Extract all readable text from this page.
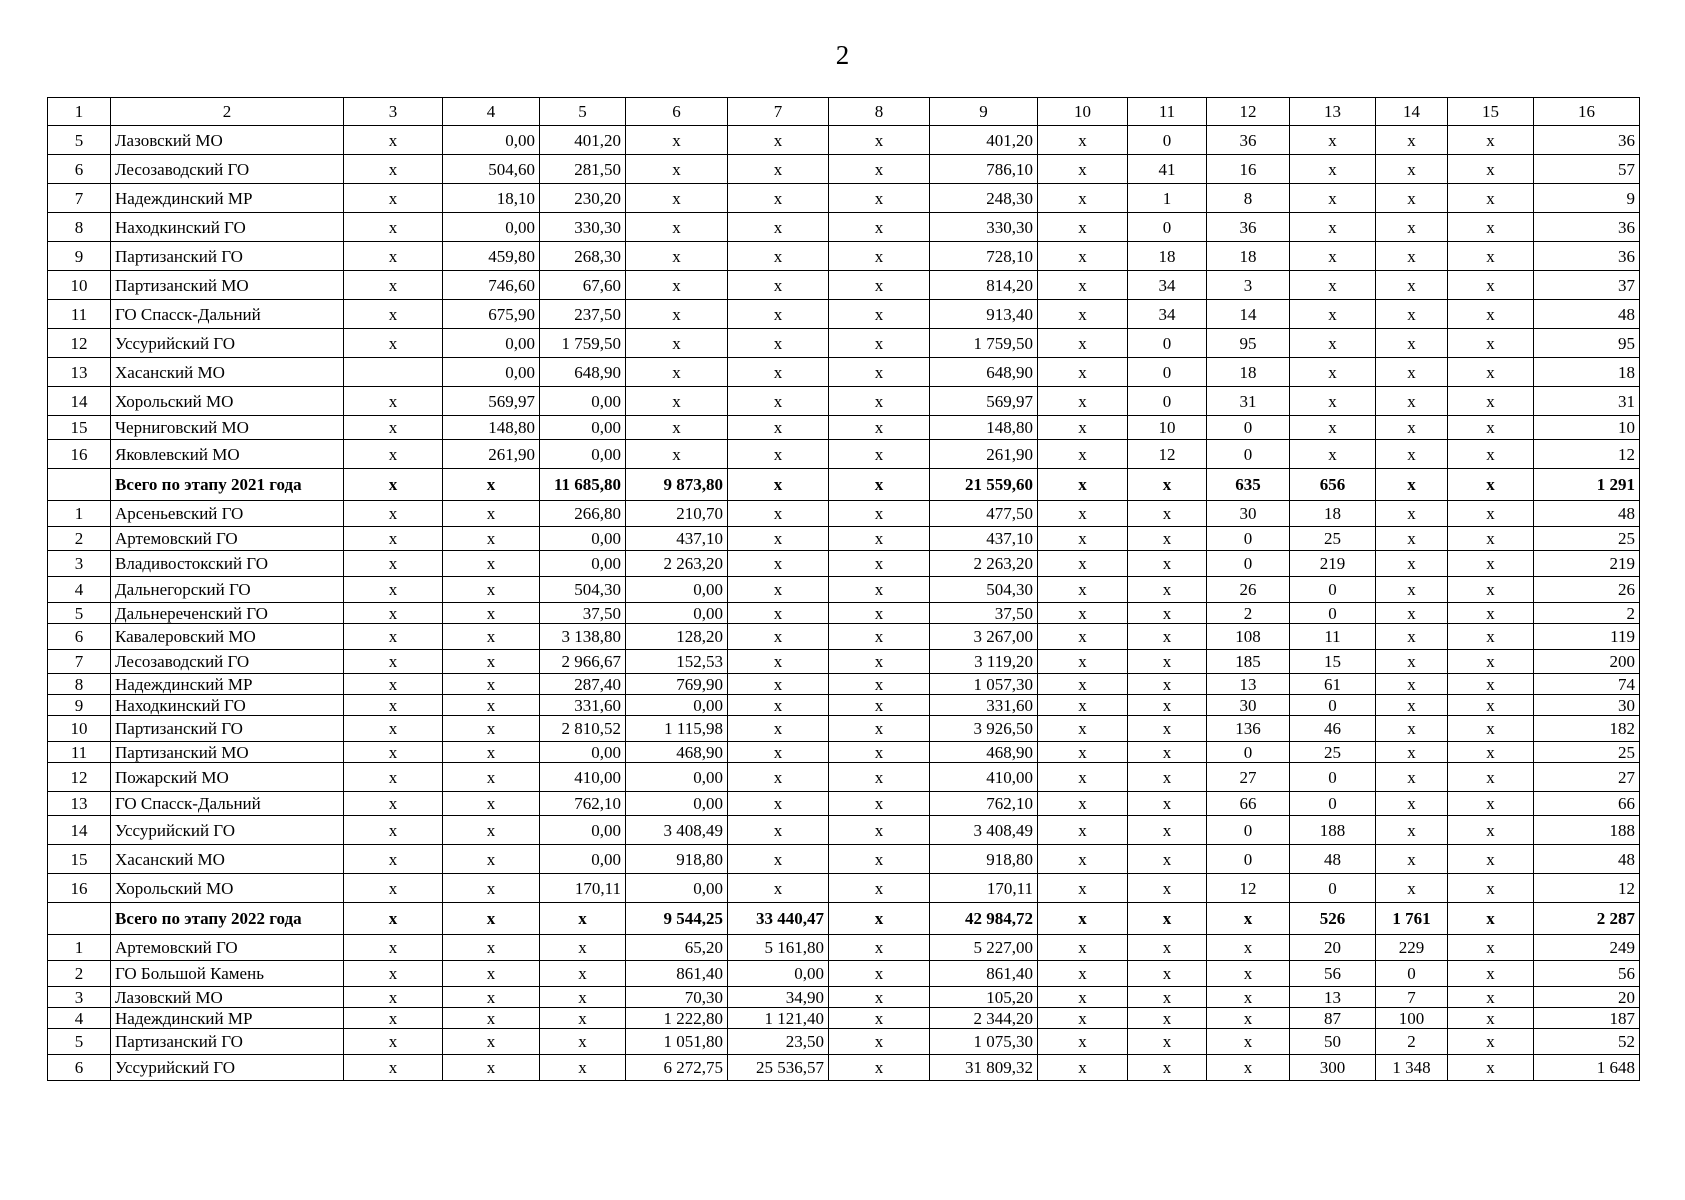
2
1	2	3	4	5	6	7	8	9	10	11	12	13	14	15	16
5	Лазовский МО	x	0,00	401,20	x	x	x	401,20	x	0	36	x	x	x	36
6	Лесозаводский ГО	x	504,60	281,50	x	x	x	786,10	x	41	16	x	x	x	57
7	Надеждинский МР	x	18,10	230,20	x	x	x	248,30	x	1	8	x	x	x	9
8	Находкинский ГО	x	0,00	330,30	x	x	x	330,30	x	0	36	x	x	x	36
9	Партизанский ГО	x	459,80	268,30	x	x	x	728,10	x	18	18	x	x	x	36
10	Партизанский МО	x	746,60	67,60	x	x	x	814,20	x	34	3	x	x	x	37
11	ГО Спасск-Дальний	x	675,90	237,50	x	x	x	913,40	x	34	14	x	x	x	48
12	Уссурийский ГО	x	0,00	1 759,50	x	x	x	1 759,50	x	0	95	x	x	x	95
13	Хасанский МО		0,00	648,90	x	x	x	648,90	x	0	18	x	x	x	18
14	Хорольский МО	x	569,97	0,00	x	x	x	569,97	x	0	31	x	x	x	31
15	Черниговский МО	x	148,80	0,00	x	x	x	148,80	x	10	0	x	x	x	10
16	Яковлевский МО	x	261,90	0,00	x	x	x	261,90	x	12	0	x	x	x	12
	Всего по этапу 2021 года	x	x	11 685,80	9 873,80	x	x	21 559,60	x	x	635	656	x	x	1 291
1	Арсеньевский ГО	x	x	266,80	210,70	x	x	477,50	x	x	30	18	x	x	48
2	Артемовский ГО	x	x	0,00	437,10	x	x	437,10	x	x	0	25	x	x	25
3	Владивостокский ГО	x	x	0,00	2 263,20	x	x	2 263,20	x	x	0	219	x	x	219
4	Дальнегорский ГО	x	x	504,30	0,00	x	x	504,30	x	x	26	0	x	x	26
5	Дальнереченский ГО	x	x	37,50	0,00	x	x	37,50	x	x	2	0	x	x	2
6	Кавалеровский МО	x	x	3 138,80	128,20	x	x	3 267,00	x	x	108	11	x	x	119
7	Лесозаводский ГО	x	x	2 966,67	152,53	x	x	3 119,20	x	x	185	15	x	x	200
8	Надеждинский МР	x	x	287,40	769,90	x	x	1 057,30	x	x	13	61	x	x	74
9	Находкинский ГО	x	x	331,60	0,00	x	x	331,60	x	x	30	0	x	x	30
10	Партизанский ГО	x	x	2 810,52	1 115,98	x	x	3 926,50	x	x	136	46	x	x	182
11	Партизанский МО	x	x	0,00	468,90	x	x	468,90	x	x	0	25	x	x	25
12	Пожарский МО	x	x	410,00	0,00	x	x	410,00	x	x	27	0	x	x	27
13	ГО Спасск-Дальний	x	x	762,10	0,00	x	x	762,10	x	x	66	0	x	x	66
14	Уссурийский ГО	x	x	0,00	3 408,49	x	x	3 408,49	x	x	0	188	x	x	188
15	Хасанский МО	x	x	0,00	918,80	x	x	918,80	x	x	0	48	x	x	48
16	Хорольский МО	x	x	170,11	0,00	x	x	170,11	x	x	12	0	x	x	12
	Всего по этапу 2022 года	x	x	x	9 544,25	33 440,47	x	42 984,72	x	x	x	526	1 761	x	2 287
1	Артемовский ГО	x	x	x	65,20	5 161,80	x	5 227,00	x	x	x	20	229	x	249
2	ГО Большой Камень	x	x	x	861,40	0,00	x	861,40	x	x	x	56	0	x	56
3	Лазовский МО	x	x	x	70,30	34,90	x	105,20	x	x	x	13	7	x	20
4	Надеждинский МР	x	x	x	1 222,80	1 121,40	x	2 344,20	x	x	x	87	100	x	187
5	Партизанский ГО	x	x	x	1 051,80	23,50	x	1 075,30	x	x	x	50	2	x	52
6	Уссурийский ГО	x	x	x	6 272,75	25 536,57	x	31 809,32	x	x	x	300	1 348	x	1 648
